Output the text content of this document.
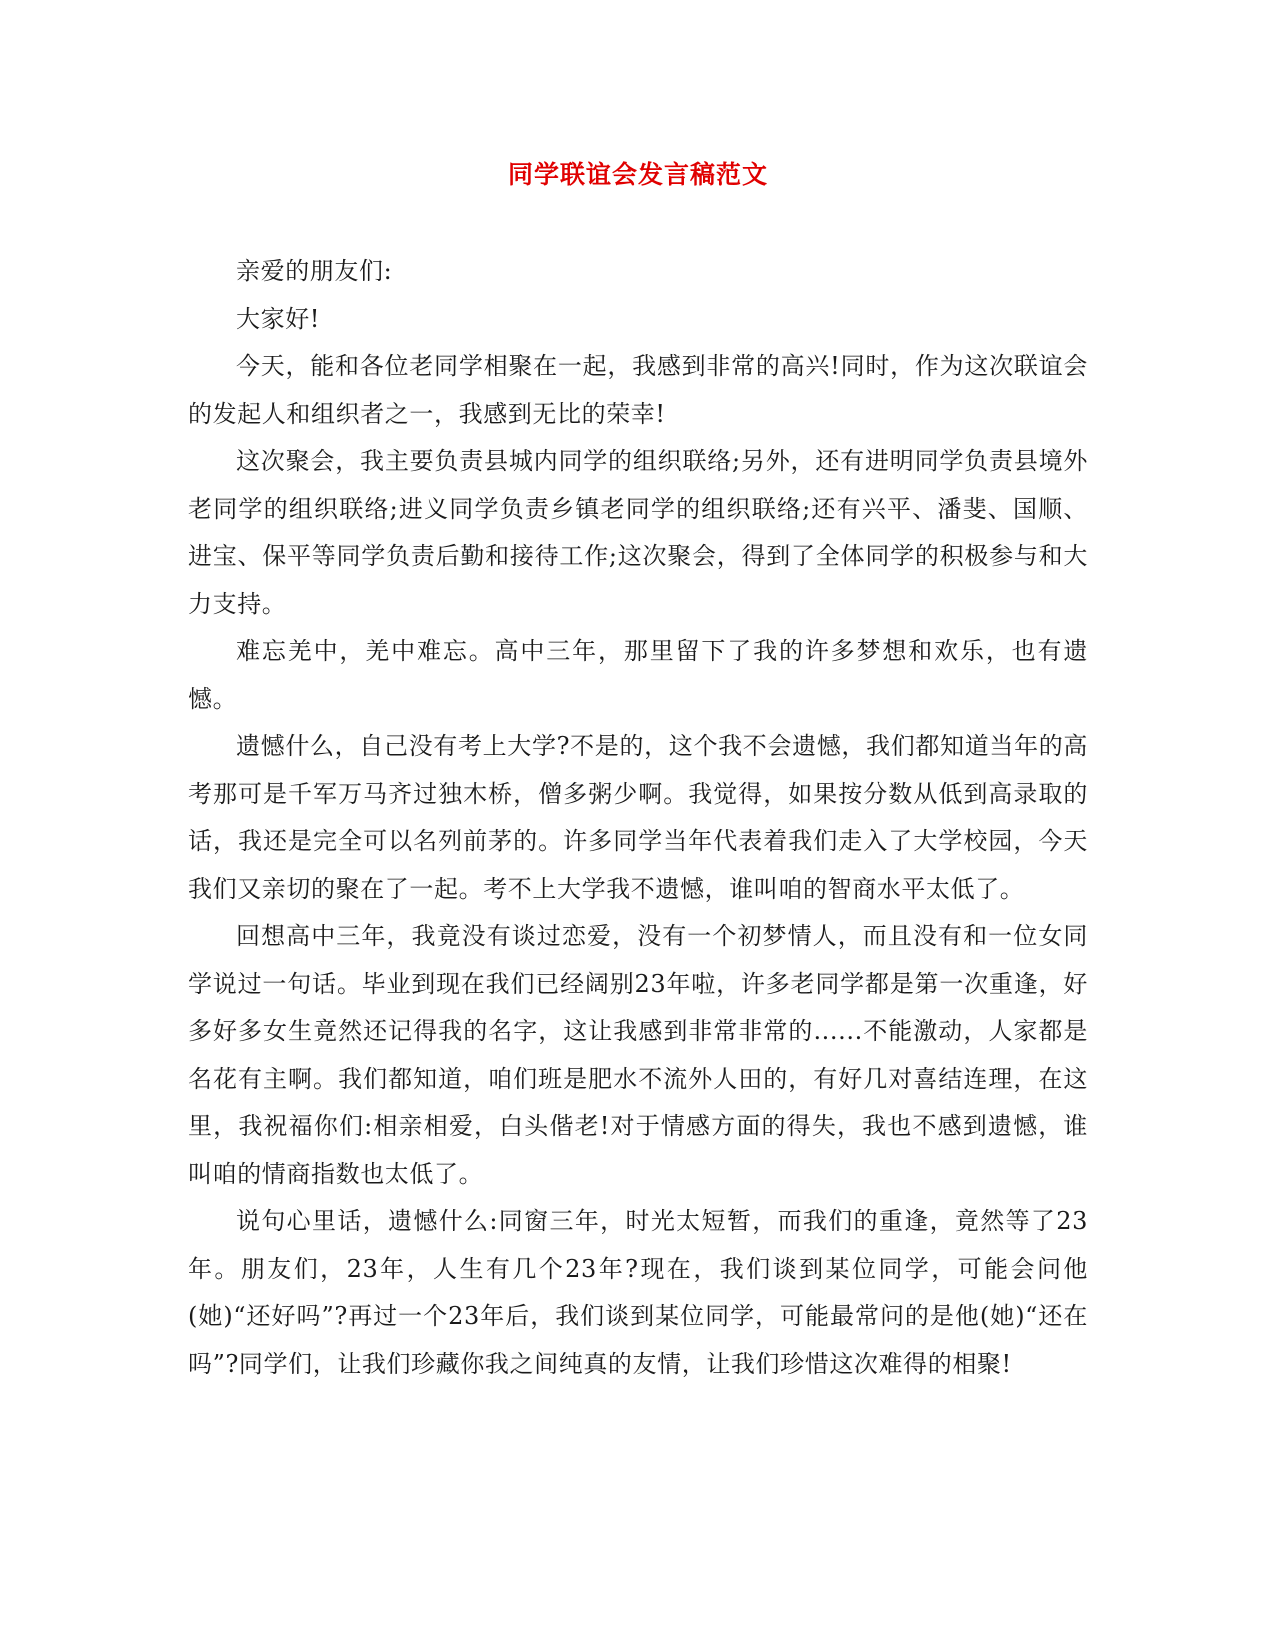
同学联谊会发言稿范文

亲爱的朋友们:

大家好!

今天，能和各位老同学相聚在一起，我感到非常的高兴!同时，作为这次联谊会的发起人和组织者之一，我感到无比的荣幸!

这次聚会，我主要负责县城内同学的组织联络;另外，还有进明同学负责县境外老同学的组织联络;进义同学负责乡镇老同学的组织联络;还有兴平、潘斐、国顺、进宝、保平等同学负责后勤和接待工作;这次聚会，得到了全体同学的积极参与和大力支持。

难忘羌中，羌中难忘。高中三年，那里留下了我的许多梦想和欢乐，也有遗憾。

遗憾什么，自己没有考上大学?不是的，这个我不会遗憾，我们都知道当年的高考那可是千军万马齐过独木桥，僧多粥少啊。我觉得，如果按分数从低到高录取的话，我还是完全可以名列前茅的。许多同学当年代表着我们走入了大学校园，今天我们又亲切的聚在了一起。考不上大学我不遗憾，谁叫咱的智商水平太低了。

回想高中三年，我竟没有谈过恋爱，没有一个初梦情人，而且没有和一位女同学说过一句话。毕业到现在我们已经阔别23年啦，许多老同学都是第一次重逢，好多好多女生竟然还记得我的名字，这让我感到非常非常的......不能激动，人家都是名花有主啊。我们都知道，咱们班是肥水不流外人田的，有好几对喜结连理，在这里，我祝福你们:相亲相爱，白头偕老!对于情感方面的得失，我也不感到遗憾，谁叫咱的情商指数也太低了。

说句心里话，遗憾什么:同窗三年，时光太短暂，而我们的重逢，竟然等了23年。朋友们，23年，人生有几个23年?现在，我们谈到某位同学，可能会问他(她)“还好吗”?再过一个23年后，我们谈到某位同学，可能最常问的是他(她)“还在吗”?同学们，让我们珍藏你我之间纯真的友情，让我们珍惜这次难得的相聚!
